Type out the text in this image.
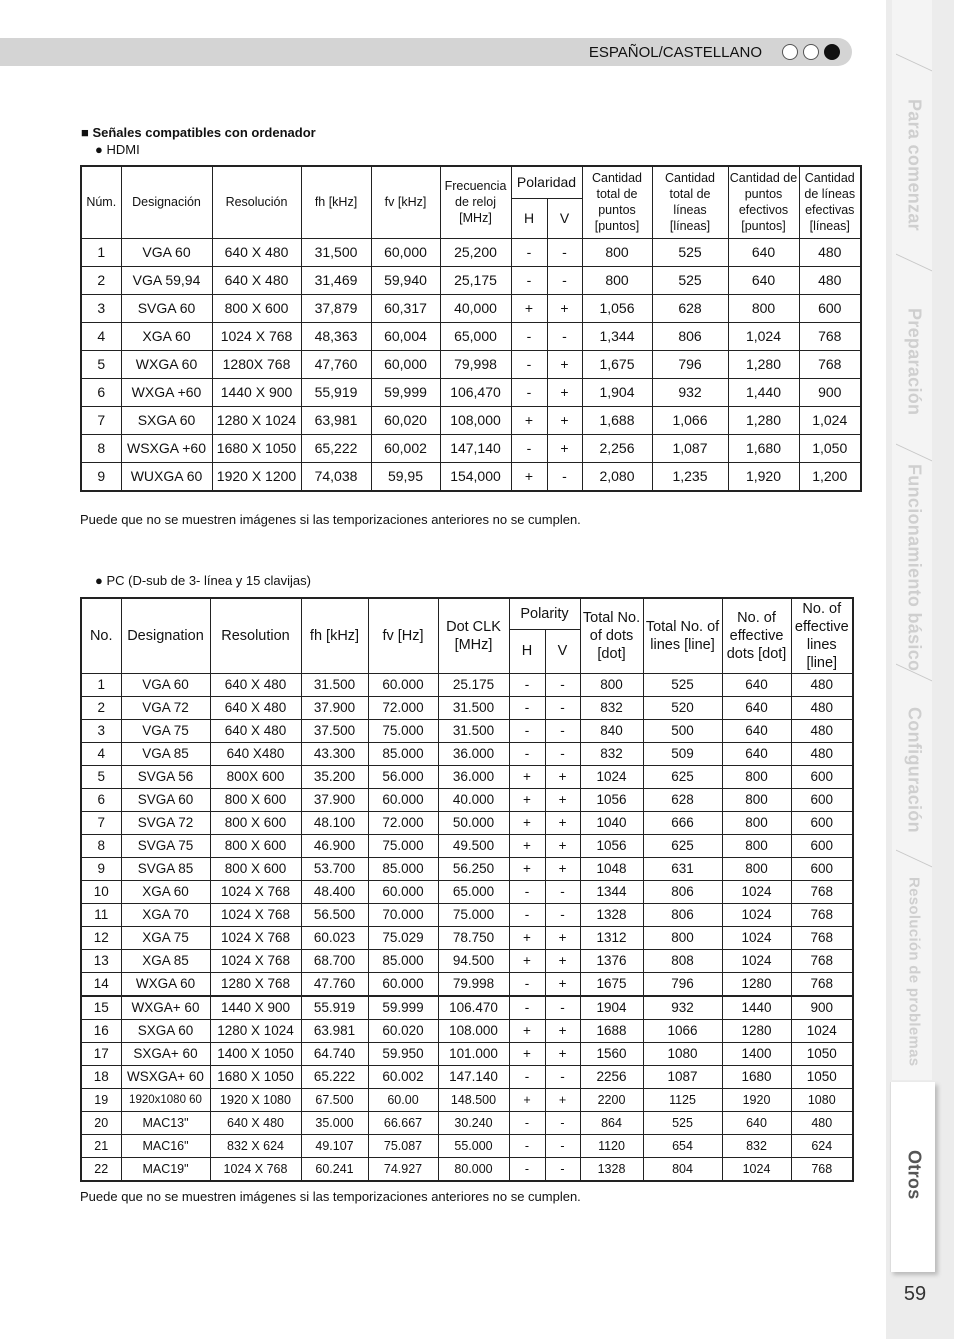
ESPAÑOL/CASTELLANO
Para comenzar
Preparación
Funcionamiento básico
Configuración
Resolución de problemas
Otros
59
■ Señales compatibles con ordenador
● HDMI
Núm.	Designación	Resolución	fh [kHz]	fv [kHz]	Frecuencia de reloj [MHz]	Polaridad		Cantidad total de puntos [puntos]	Cantidad total de líneas [líneas]	Cantidad de puntos efectivos [puntos]	Cantidad de líneas efectivas [líneas]
						H	V				
1	VGA 60	640 X 480	31,500	60,000	25,200	-	-	800	525	640	480
2	VGA 59,94	640 X 480	31,469	59,940	25,175	-	-	800	525	640	480
3	SVGA 60	800 X 600	37,879	60,317	40,000	+	+	1,056	628	800	600
4	XGA 60	1024 X 768	48,363	60,004	65,000	-	-	1,344	806	1,024	768
5	WXGA 60	1280X 768	47,760	60,000	79,998	-	+	1,675	796	1,280	768
6	WXGA +60	1440 X 900	55,919	59,999	106,470	-	+	1,904	932	1,440	900
7	SXGA 60	1280 X 1024	63,981	60,020	108,000	+	+	1,688	1,066	1,280	1,024
8	WSXGA +60	1680 X 1050	65,222	60,002	147,140	-	+	2,256	1,087	1,680	1,050
9	WUXGA 60	1920 X 1200	74,038	59,95	154,000	+	-	2,080	1,235	1,920	1,200
Puede que no se muestren imágenes si las temporizaciones anteriores no se cumplen.
● PC (D-sub de 3- línea y 15 clavijas)
No.	Designation	Resolution	fh [kHz]	fv [Hz]	Dot CLK [MHz]	Polarity		Total No. of dots [dot]	Total No. of lines [line]	No. of effective dots [dot]	No. of effective lines [line]
						H	V				
1	VGA 60	640 X 480	31.500	60.000	25.175	-	-	800	525	640	480
2	VGA 72	640 X 480	37.900	72.000	31.500	-	-	832	520	640	480
3	VGA 75	640 X 480	37.500	75.000	31.500	-	-	840	500	640	480
4	VGA 85	640 X480	43.300	85.000	36.000	-	-	832	509	640	480
5	SVGA 56	800X 600	35.200	56.000	36.000	+	+	1024	625	800	600
6	SVGA 60	800 X 600	37.900	60.000	40.000	+	+	1056	628	800	600
7	SVGA 72	800 X 600	48.100	72.000	50.000	+	+	1040	666	800	600
8	SVGA 75	800 X 600	46.900	75.000	49.500	+	+	1056	625	800	600
9	SVGA 85	800 X 600	53.700	85.000	56.250	+	+	1048	631	800	600
10	XGA 60	1024 X 768	48.400	60.000	65.000	-	-	1344	806	1024	768
11	XGA 70	1024 X 768	56.500	70.000	75.000	-	-	1328	806	1024	768
12	XGA 75	1024 X 768	60.023	75.029	78.750	+	+	1312	800	1024	768
13	XGA 85	1024 X 768	68.700	85.000	94.500	+	+	1376	808	1024	768
14	WXGA 60	1280 X 768	47.760	60.000	79.998	-	+	1675	796	1280	768
15	WXGA+ 60	1440 X 900	55.919	59.999	106.470	-	-	1904	932	1440	900
16	SXGA 60	1280 X 1024	63.981	60.020	108.000	+	+	1688	1066	1280	1024
17	SXGA+ 60	1400 X 1050	64.740	59.950	101.000	+	+	1560	1080	1400	1050
18	WSXGA+ 60	1680 X 1050	65.222	60.002	147.140	-	-	2256	1087	1680	1050
19	1920x1080 60	1920 X 1080	67.500	60.00	148.500	+	+	2200	1125	1920	1080
20	MAC13"	640 X 480	35.000	66.667	30.240	-	-	864	525	640	480
21	MAC16"	832 X 624	49.107	75.087	55.000	-	-	1120	654	832	624
22	MAC19"	1024 X 768	60.241	74.927	80.000	-	-	1328	804	1024	768
Puede que no se muestren imágenes si las temporizaciones anteriores no se cumplen.
